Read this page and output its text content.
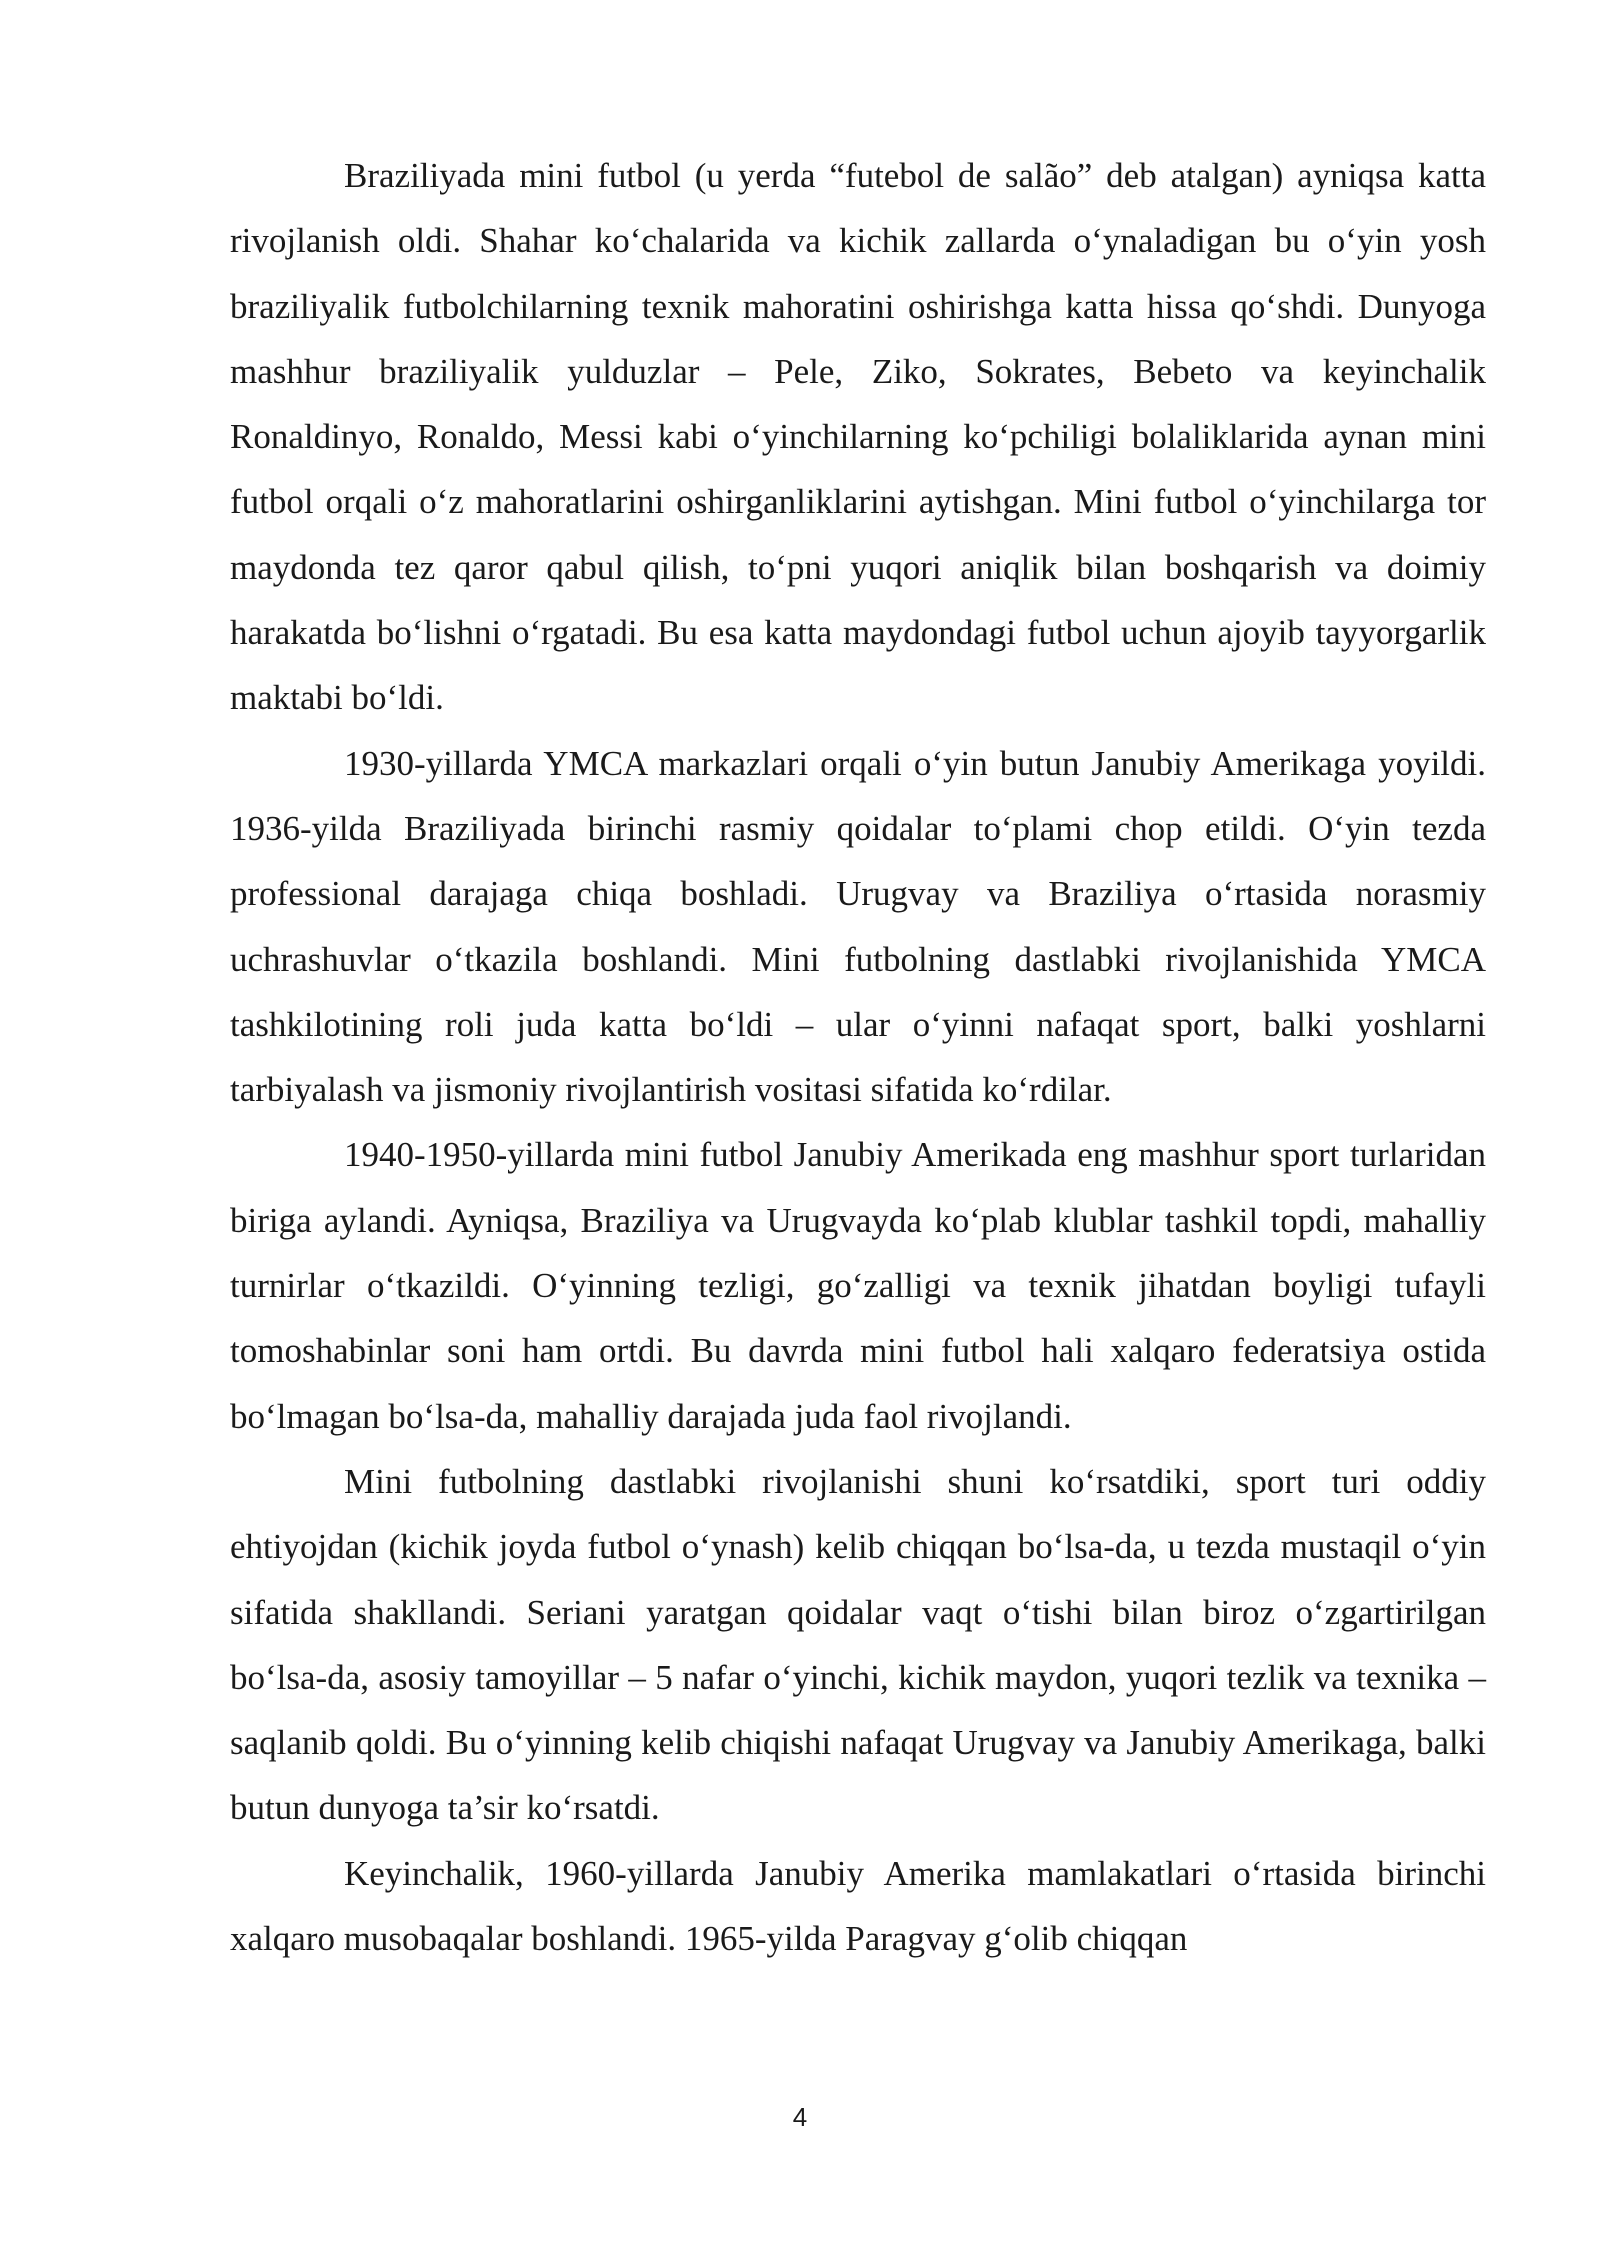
Braziliyada mini futbol (u yerda “futebol de salão” deb atalgan) ayniqsa katta rivojlanish oldi. Shahar ko‘chalarida va kichik zallarda o‘ynaladigan bu o‘yin yosh braziliyalik futbolchilarning texnik mahoratini oshirishga katta hissa qo‘shdi. Dunyoga mashhur braziliyalik yulduzlar – Pele, Ziko, Sokrates, Bebeto va keyinchalik Ronaldinyo, Ronaldo, Messi kabi o‘yinchilarning ko‘pchiligi bolaliklarida aynan mini futbol orqali o‘z mahoratlarini oshirganliklarini aytishgan. Mini futbol o‘yinchilarga tor maydonda tez qaror qabul qilish, to‘pni yuqori aniqlik bilan boshqarish va doimiy harakatda bo‘lishni o‘rgatadi. Bu esa katta maydondagi futbol uchun ajoyib tayyorgarlik maktabi bo‘ldi.

1930-yillarda YMCA markazlari orqali o‘yin butun Janubiy Amerikaga yoyildi. 1936-yilda Braziliyada birinchi rasmiy qoidalar to‘plami chop etildi. O‘yin tezda professional darajaga chiqa boshladi. Urugvay va Braziliya o‘rtasida norasmiy uchrashuvlar o‘tkazila boshlandi. Mini futbolning dastlabki rivojlanishida YMCA tashkilotining roli juda katta bo‘ldi – ular o‘yinni nafaqat sport, balki yoshlarni tarbiyalash va jismoniy rivojlantirish vositasi sifatida ko‘rdilar.

1940-1950-yillarda mini futbol Janubiy Amerikada eng mashhur sport turlaridan biriga aylandi. Ayniqsa, Braziliya va Urugvayda ko‘plab klublar tashkil topdi, mahalliy turnirlar o‘tkazildi. O‘yinning tezligi, go‘zalligi va texnik jihatdan boyligi tufayli tomoshabinlar soni ham ortdi. Bu davrda mini futbol hali xalqaro federatsiya ostida bo‘lmagan bo‘lsa-da, mahalliy darajada juda faol rivojlandi.

Mini futbolning dastlabki rivojlanishi shuni ko‘rsatdiki, sport turi oddiy ehtiyojdan (kichik joyda futbol o‘ynash) kelib chiqqan bo‘lsa-da, u tezda mustaqil o‘yin sifatida shakllandi. Seriani yaratgan qoidalar vaqt o‘tishi bilan biroz o‘zgartirilgan bo‘lsa-da, asosiy tamoyillar – 5 nafar o‘yinchi, kichik maydon, yuqori tezlik va texnika – saqlanib qoldi. Bu o‘yinning kelib chiqishi nafaqat Urugvay va Janubiy Amerikaga, balki butun dunyoga ta’sir ko‘rsatdi.

Keyinchalik, 1960-yillarda Janubiy Amerika mamlakatlari o‘rtasida birinchi xalqaro musobaqalar boshlandi. 1965-yilda Paragvay g‘olib chiqqan

4
